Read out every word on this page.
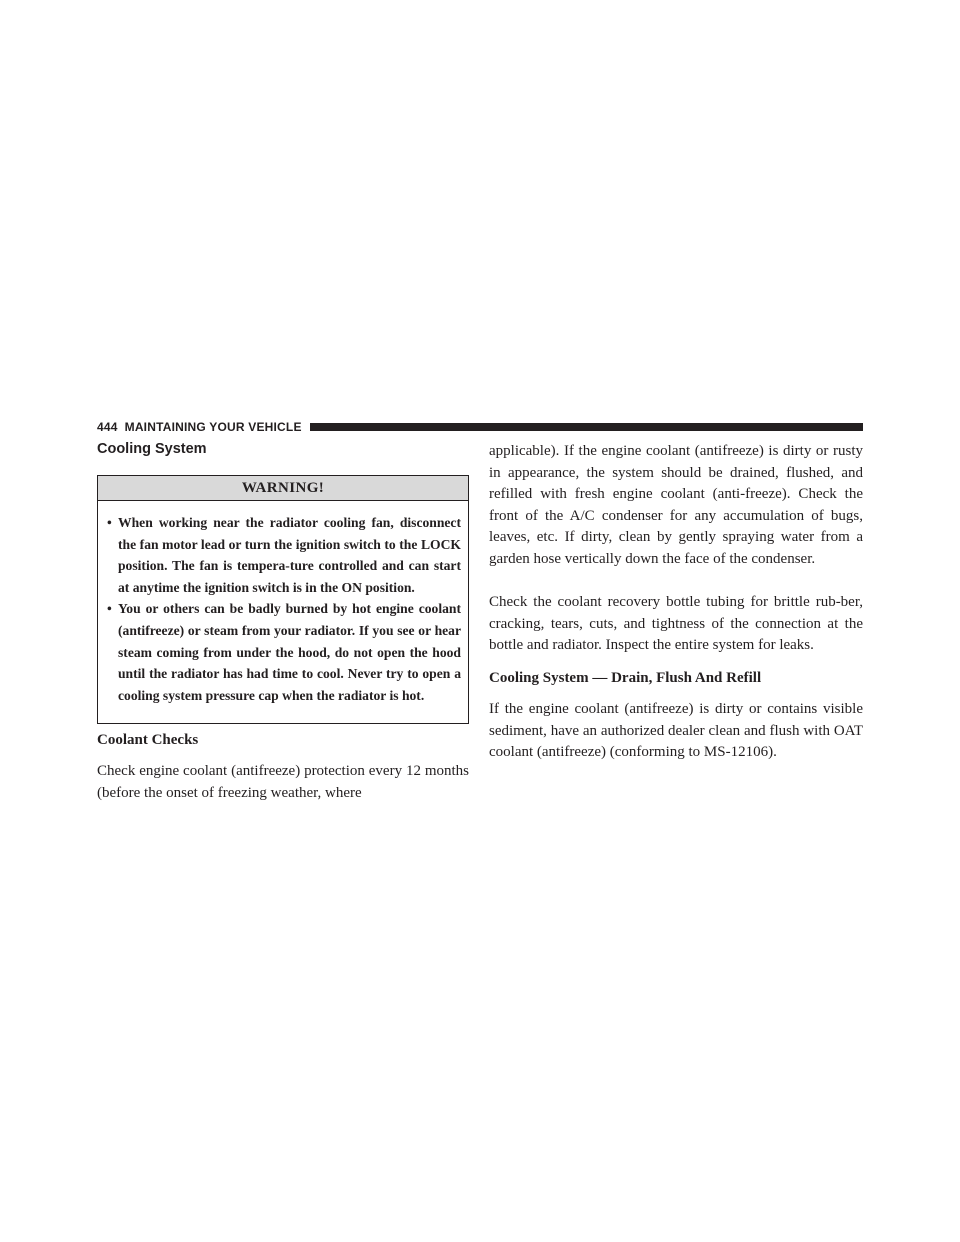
444 MAINTAINING YOUR VEHICLE
Cooling System
WARNING!
• When working near the radiator cooling fan, disconnect the fan motor lead or turn the ignition switch to the LOCK position. The fan is tempera-ture controlled and can start at anytime the ignition switch is in the ON position.
• You or others can be badly burned by hot engine coolant (antifreeze) or steam from your radiator. If you see or hear steam coming from under the hood, do not open the hood until the radiator has had time to cool. Never try to open a cooling system pressure cap when the radiator is hot.
Coolant Checks

Check engine coolant (antifreeze) protection every 12 months (before the onset of freezing weather, where

applicable). If the engine coolant (antifreeze) is dirty or rusty in appearance, the system should be drained, flushed, and refilled with fresh engine coolant (anti-freeze). Check the front of the A/C condenser for any accumulation of bugs, leaves, etc. If dirty, clean by gently spraying water from a garden hose vertically down the face of the condenser.

Check the coolant recovery bottle tubing for brittle rub-ber, cracking, tears, cuts, and tightness of the connection at the bottle and radiator. Inspect the entire system for leaks.

Cooling System — Drain, Flush And Refill

If the engine coolant (antifreeze) is dirty or contains visible sediment, have an authorized dealer clean and flush with OAT coolant (antifreeze) (conforming to MS-12106).
